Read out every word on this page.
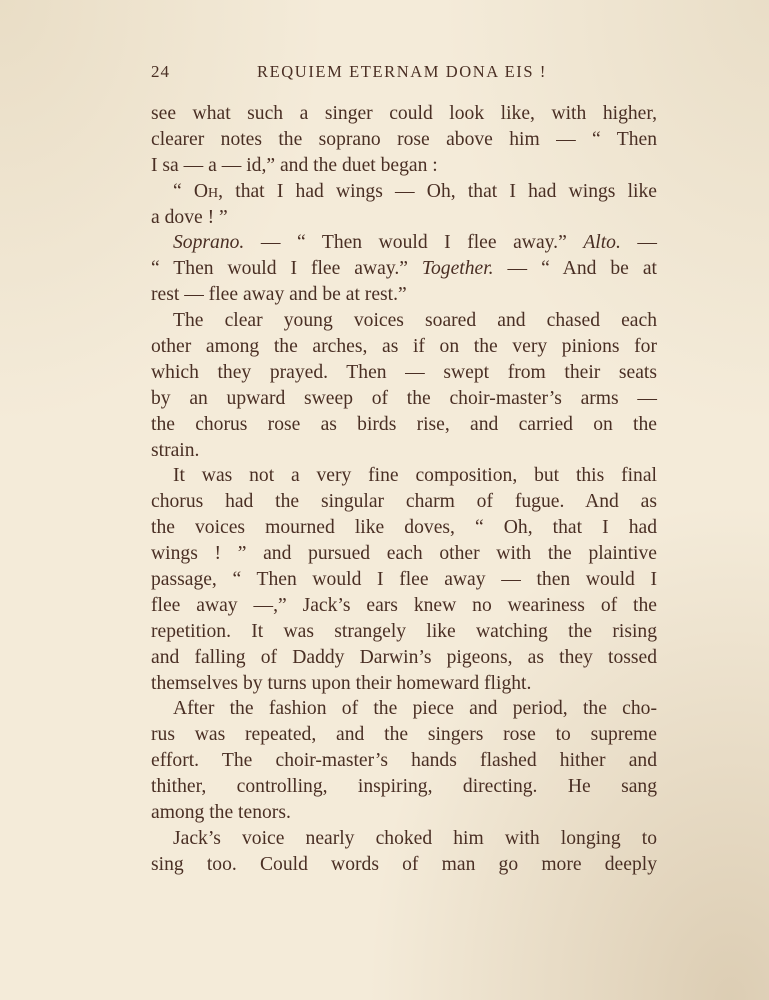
24	REQUIEM ETERNAM DONA EIS !
see what such a singer could look like, with higher,
clearer notes the soprano rose above him — “ Then
I sa — a — id,” and the duet began :
“ Oh, that I had wings — Oh, that I had wings like
a dove ! ”
Soprano. — “ Then would I flee away.” Alto. —
“ Then would I flee away.” Together. — “ And be at
rest — flee away and be at rest.”
The clear young voices soared and chased each
other among the arches, as if on the very pinions for
which they prayed. Then — swept from their seats
by an upward sweep of the choir-master’s arms —
the chorus rose as birds rise, and carried on the
strain.
It was not a very fine composition, but this final
chorus had the singular charm of fugue. And as
the voices mourned like doves, “ Oh, that I had
wings ! ” and pursued each other with the plaintive
passage, “ Then would I flee away — then would I
flee away —,” Jack’s ears knew no weariness of the
repetition. It was strangely like watching the rising
and falling of Daddy Darwin’s pigeons, as they tossed
themselves by turns upon their homeward flight.
After the fashion of the piece and period, the cho-
rus was repeated, and the singers rose to supreme
effort. The choir-master’s hands flashed hither and
thither, controlling, inspiring, directing. He sang
among the tenors.
Jack’s voice nearly choked him with longing to
sing too. Could words of man go more deeply
